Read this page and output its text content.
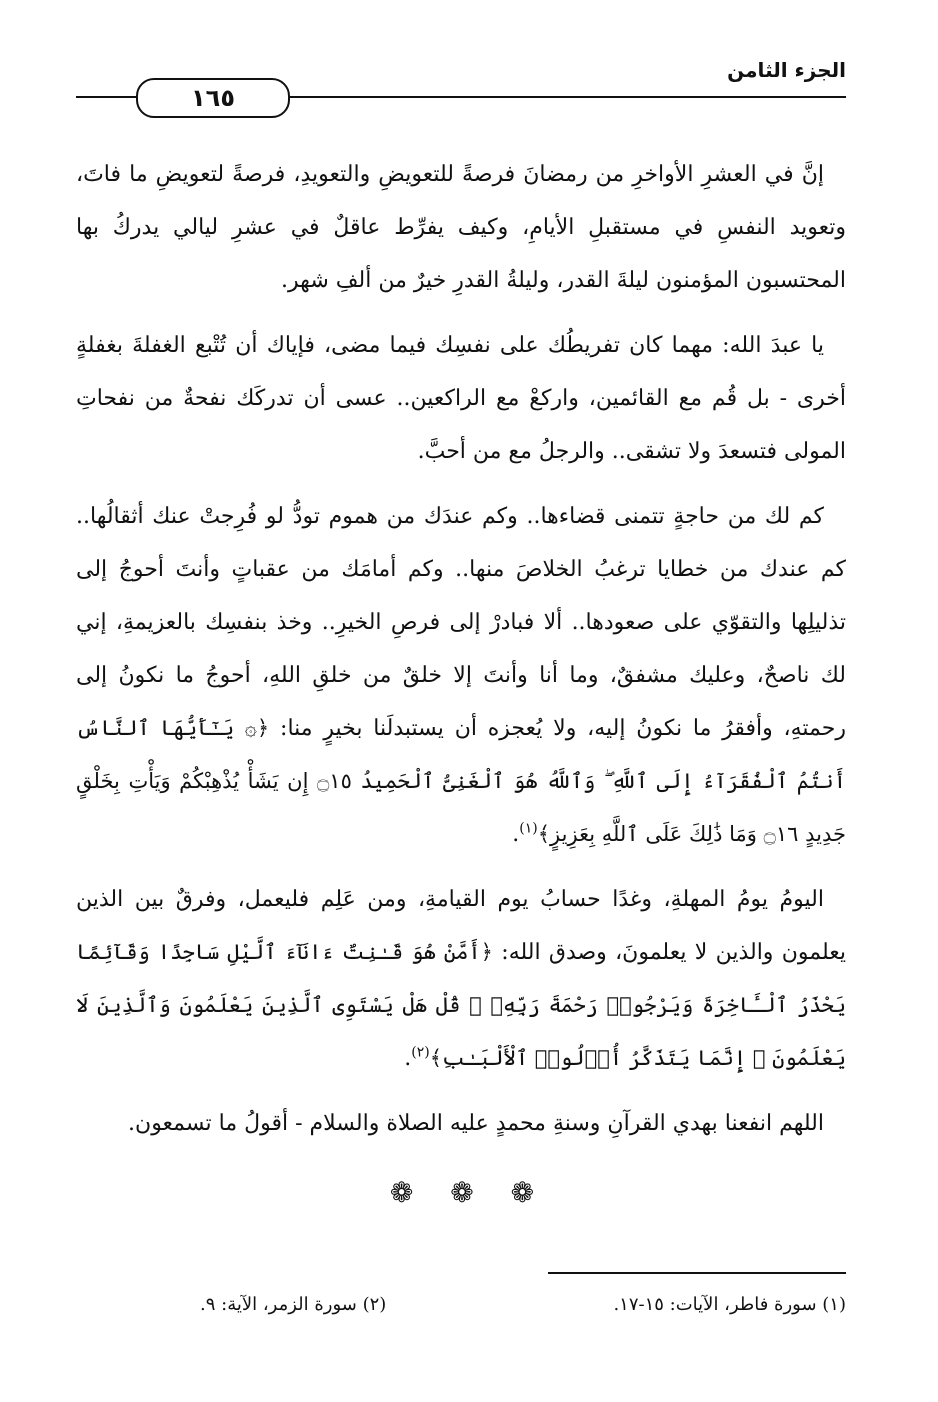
الجزء الثامن
١٦٥

إنَّ في العشرِ الأواخرِ من رمضانَ فرصةً للتعويضِ والتعويدِ، فرصةً لتعويضِ ما فاتَ، وتعويد النفسِ في مستقبلِ الأيامِ، وكيف يفرِّط عاقلٌ في عشرِ ليالي يدركُ بها المحتسبون المؤمنون ليلةَ القدر، وليلةُ القدرِ خيرٌ من ألفِ شهر.

يا عبدَ الله: مهما كان تفريطُك على نفسِك فيما مضى، فإياك أن تُتْبع الغفلةَ بغفلةٍ أخرى - بل قُم مع القائمين، واركعْ مع الراكعين.. عسى أن تدركَك نفحةٌ من نفحاتِ المولى فتسعدَ ولا تشقى.. والرجلُ مع من أحبَّ.

كم لك من حاجةٍ تتمنى قضاءها.. وكم عندَك من هموم تودُّ لو فُرِجتْ عنك أثقالُها.. كم عندك من خطايا ترغبُ الخلاصَ منها.. وكم أمامَك من عقباتٍ وأنتَ أحوجُ إلى تذليلِها والتقوّي على صعودها.. ألا فبادرْ إلى فرصِ الخيرِ.. وخذ بنفسِك بالعزيمةِ، إني لك ناصحٌ، وعليك مشفقٌ، وما أنا وأنتَ إلا خلقٌ من خلقِ اللهِ، أحوجُ ما نكونُ إلى رحمتهِ، وأفقرُ ما نكونُ إليه، ولا يُعجزه أن يستبدلَنا بخيرٍ منا: ﴿۞ يَـٰٓأَيُّهَا ٱلنَّاسُ أَنتُمُ ٱلْفُقَرَآءُ إِلَى ٱللَّهِ ۖ وَٱللَّهُ هُوَ ٱلْغَنِىُّ ٱلْحَمِيدُ ۝١٥ إِن يَشَأْ يُذْهِبْكُمْ وَيَأْتِ بِخَلْقٍ جَدِيدٍ ۝١٦ وَمَا ذَٰلِكَ عَلَى ٱللَّهِ بِعَزِيزٍ﴾$^{(١)}$.

اليومُ يومُ المهلةِ، وغدًا حسابُ يوم القيامةِ، ومن عَلِم فليعمل، وفرقٌ بين الذين يعلمون والذين لا يعلمونَ، وصدق الله: ﴿أَمَّنْ هُوَ قَـٰنِتٌ ءَانَآءَ ٱلَّيْلِ سَاجِدًا وَقَآئِمًا يَحْذَرُ ٱلْـَٔاخِرَةَ وَيَرْجُوا۟ رَحْمَةَ رَبِّهِۦ ۗ قُلْ هَلْ يَسْتَوِى ٱلَّذِينَ يَعْلَمُونَ وَٱلَّذِينَ لَا يَعْلَمُونَ ۗ إِنَّمَا يَتَذَكَّرُ أُو۟لُوا۟ ٱلْأَلْبَـٰبِ﴾$^{(٢)}$.

اللهم انفعنا بهدي القرآنِ وسنةِ محمدٍ عليه الصلاة والسلام - أقولُ ما تسمعون.

❁ ❁ ❁
(١) سورة فاطر، الآيات: ١٥-١٧.
(٢) سورة الزمر، الآية: ٩.
